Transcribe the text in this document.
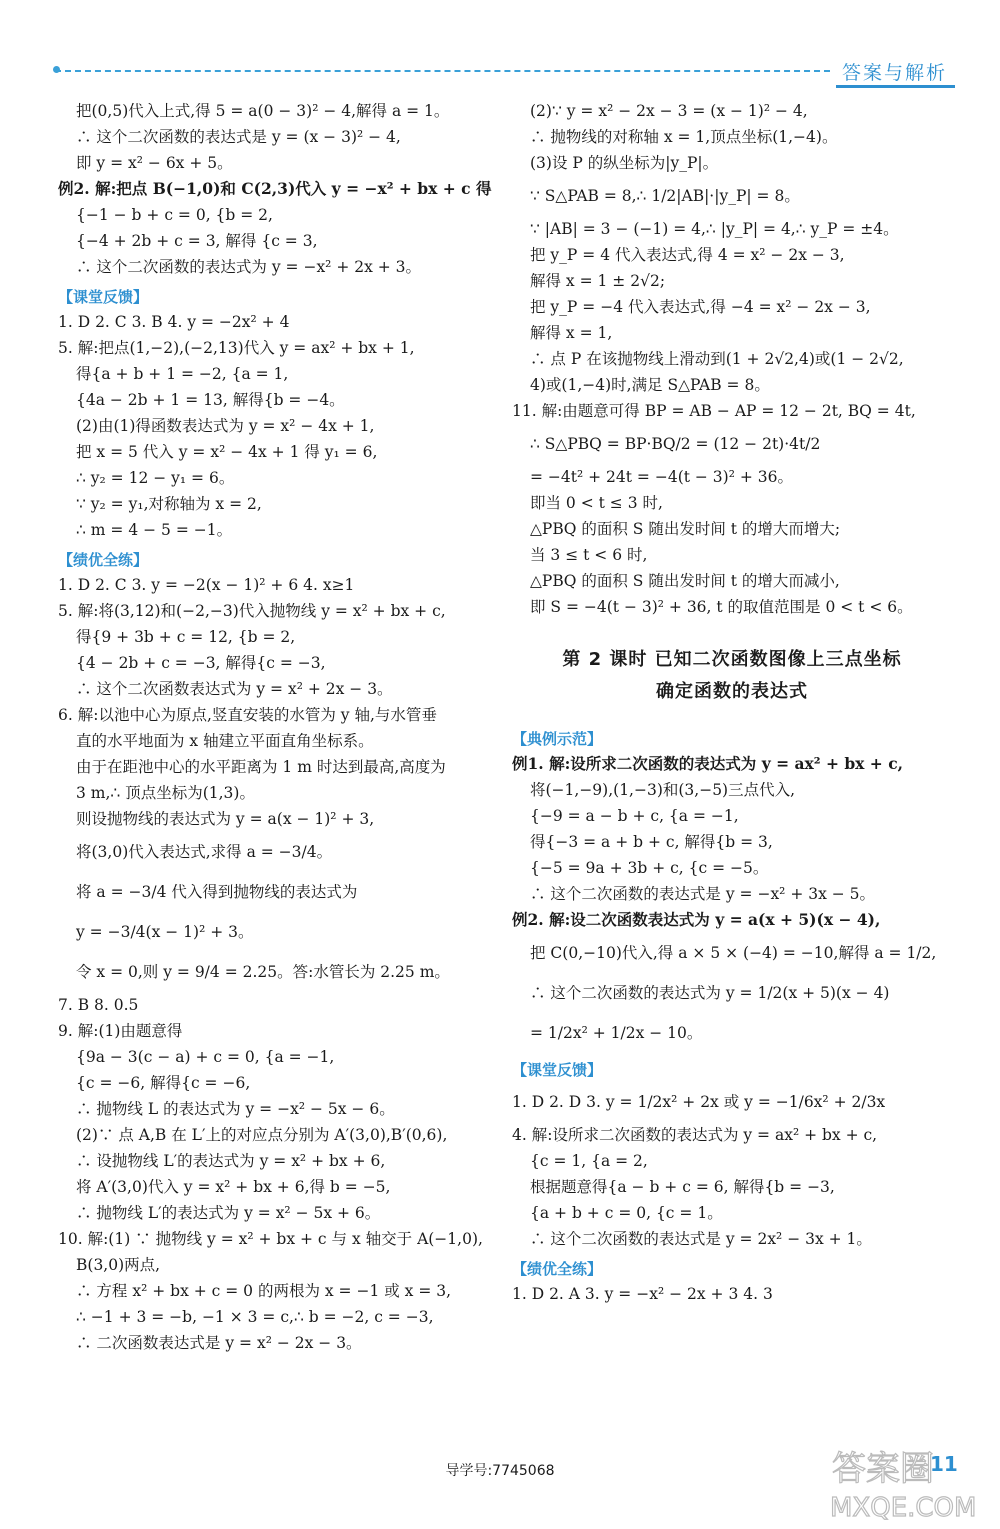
答案与解析
把(0,5)代入上式,得 5 = a(0 − 3)² − 4,解得 a = 1。
∴ 这个二次函数的表达式是 y = (x − 3)² − 4,
即 y = x² − 6x + 5。
例2. 解:把点 B(−1,0)和 C(2,3)代入 y = −x² + bx + c 得
{−1 − b + c = 0, {b = 2,
{−4 + 2b + c = 3, 解得 {c = 3,
∴ 这个二次函数的表达式为 y = −x² + 2x + 3。
【课堂反馈】
1. D 2. C 3. B 4. y = −2x² + 4
5. 解:把点(1,−2),(−2,13)代入 y = ax² + bx + 1,
得{a + b + 1 = −2, {a = 1,
{4a − 2b + 1 = 13, 解得{b = −4。
(2)由(1)得函数表达式为 y = x² − 4x + 1,
把 x = 5 代入 y = x² − 4x + 1 得 y₁ = 6,
∴ y₂ = 12 − y₁ = 6。
∵ y₂ = y₁,对称轴为 x = 2,
∴ m = 4 − 5 = −1。
【绩优全练】
1. D 2. C 3. y = −2(x − 1)² + 6 4. x≥1
5. 解:将(3,12)和(−2,−3)代入抛物线 y = x² + bx + c,
得{9 + 3b + c = 12, {b = 2,
{4 − 2b + c = −3, 解得{c = −3,
∴ 这个二次函数表达式为 y = x² + 2x − 3。
6. 解:以池中心为原点,竖直安装的水管为 y 轴,与水管垂
直的水平地面为 x 轴建立平面直角坐标系。
由于在距池中心的水平距离为 1 m 时达到最高,高度为
3 m,∴ 顶点坐标为(1,3)。
则设抛物线的表达式为 y = a(x − 1)² + 3,
将(3,0)代入表达式,求得 a = −3/4。
将 a = −3/4 代入得到抛物线的表达式为
y = −3/4(x − 1)² + 3。
令 x = 0,则 y = 9/4 = 2.25。答:水管长为 2.25 m。
7. B 8. 0.5
9. 解:(1)由题意得
{9a − 3(c − a) + c = 0, {a = −1,
{c = −6, 解得{c = −6,
∴ 抛物线 L 的表达式为 y = −x² − 5x − 6。
(2)∵ 点 A,B 在 L′上的对应点分别为 A′(3,0),B′(0,6),
∴ 设抛物线 L′的表达式为 y = x² + bx + 6,
将 A′(3,0)代入 y = x² + bx + 6,得 b = −5,
∴ 抛物线 L′的表达式为 y = x² − 5x + 6。
10. 解:(1) ∵ 抛物线 y = x² + bx + c 与 x 轴交于 A(−1,0),
B(3,0)两点,
∴ 方程 x² + bx + c = 0 的两根为 x = −1 或 x = 3,
∴ −1 + 3 = −b, −1 × 3 = c,∴ b = −2, c = −3,
∴ 二次函数表达式是 y = x² − 2x − 3。
(2)∵ y = x² − 2x − 3 = (x − 1)² − 4,
∴ 抛物线的对称轴 x = 1,顶点坐标(1,−4)。
(3)设 P 的纵坐标为|y_P|。
∵ S△PAB = 8,∴ 1/2|AB|·|y_P| = 8。
∵ |AB| = 3 − (−1) = 4,∴ |y_P| = 4,∴ y_P = ±4。
把 y_P = 4 代入表达式,得 4 = x² − 2x − 3,
解得 x = 1 ± 2√2;
把 y_P = −4 代入表达式,得 −4 = x² − 2x − 3,
解得 x = 1,
∴ 点 P 在该抛物线上滑动到(1 + 2√2,4)或(1 − 2√2,
4)或(1,−4)时,满足 S△PAB = 8。
11. 解:由题意可得 BP = AB − AP = 12 − 2t, BQ = 4t,
∴ S△PBQ = BP·BQ/2 = (12 − 2t)·4t/2
= −4t² + 24t = −4(t − 3)² + 36。
即当 0 < t ≤ 3 时,
△PBQ 的面积 S 随出发时间 t 的增大而增大;
当 3 ≤ t < 6 时,
△PBQ 的面积 S 随出发时间 t 的增大而减小,
即 S = −4(t − 3)² + 36, t 的取值范围是 0 < t < 6。
第 2 课时 已知二次函数图像上三点坐标
确定函数的表达式
【典例示范】
例1. 解:设所求二次函数的表达式为 y = ax² + bx + c,
将(−1,−9),(1,−3)和(3,−5)三点代入,
{−9 = a − b + c, {a = −1,
得{−3 = a + b + c, 解得{b = 3,
{−5 = 9a + 3b + c, {c = −5。
∴ 这个二次函数的表达式是 y = −x² + 3x − 5。
例2. 解:设二次函数表达式为 y = a(x + 5)(x − 4),
把 C(0,−10)代入,得 a × 5 × (−4) = −10,解得 a = 1/2,
∴ 这个二次函数的表达式为 y = 1/2(x + 5)(x − 4)
= 1/2x² + 1/2x − 10。
【课堂反馈】
1. D 2. D 3. y = 1/2x² + 2x 或 y = −1/6x² + 2/3x
4. 解:设所求二次函数的表达式为 y = ax² + bx + c,
{c = 1, {a = 2,
根据题意得{a − b + c = 6, 解得{b = −3,
{a + b + c = 0, {c = 1。
∴ 这个二次函数的表达式是 y = 2x² − 3x + 1。
【绩优全练】
1. D 2. A 3. y = −x² − 2x + 3 4. 3
导学号:7745068	11
答案圈
MXQE.COM
